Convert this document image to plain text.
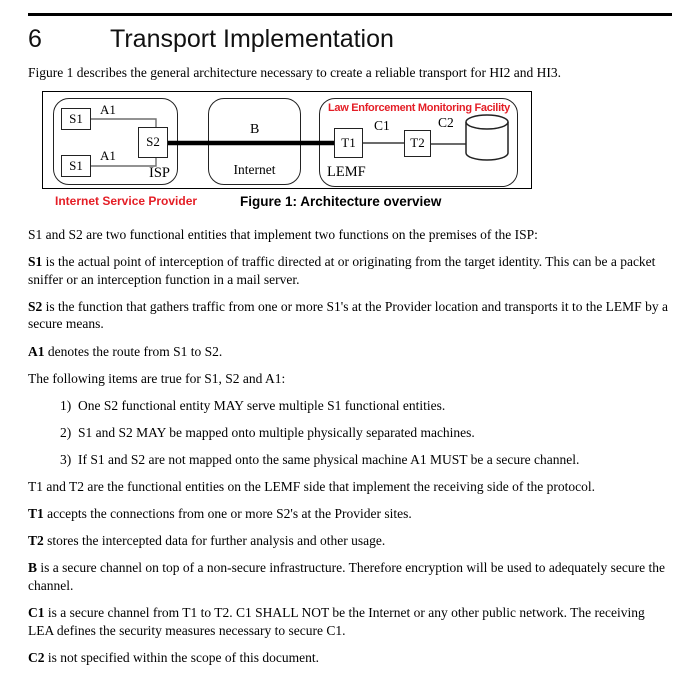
6	Transport Implementation

Figure 1 describes the general architecture necessary to create a reliable transport for HI2 and HI3.

S1
S1
S2	T1	T2
A1
A1
ISP
B
Internet
Law Enforcement Monitoring Facility
C1	C2
LEMF
Internet Service Provider	Figure 1: Architecture overview

S1 and S2 are two functional entities that implement two functions on the premises of the ISP:

S1 is the actual point of interception of traffic directed at or originating from the target identity. This can be a packet sniffer or an interception function in a mail server.

S2 is the function that gathers traffic from one or more S1's at the Provider location and transports it to the LEMF by a secure means.

A1 denotes the route from S1 to S2.

The following items are true for S1, S2 and A1:

1) One S2 functional entity MAY serve multiple S1 functional entities.
2) S1 and S2 MAY be mapped onto multiple physically separated machines.
3) If S1 and S2 are not mapped onto the same physical machine A1 MUST be a secure channel.

T1 and T2 are the functional entities on the LEMF side that implement the receiving side of the protocol.

T1 accepts the connections from one or more S2's at the Provider sites.

T2 stores the intercepted data for further analysis and other usage.

B is a secure channel on top of a non-secure infrastructure. Therefore encryption will be used to adequately secure the channel.

C1 is a secure channel from T1 to T2. C1 SHALL NOT be the Internet or any other public network. The receiving LEA defines the security measures necessary to secure C1.

C2 is not specified within the scope of this document.
